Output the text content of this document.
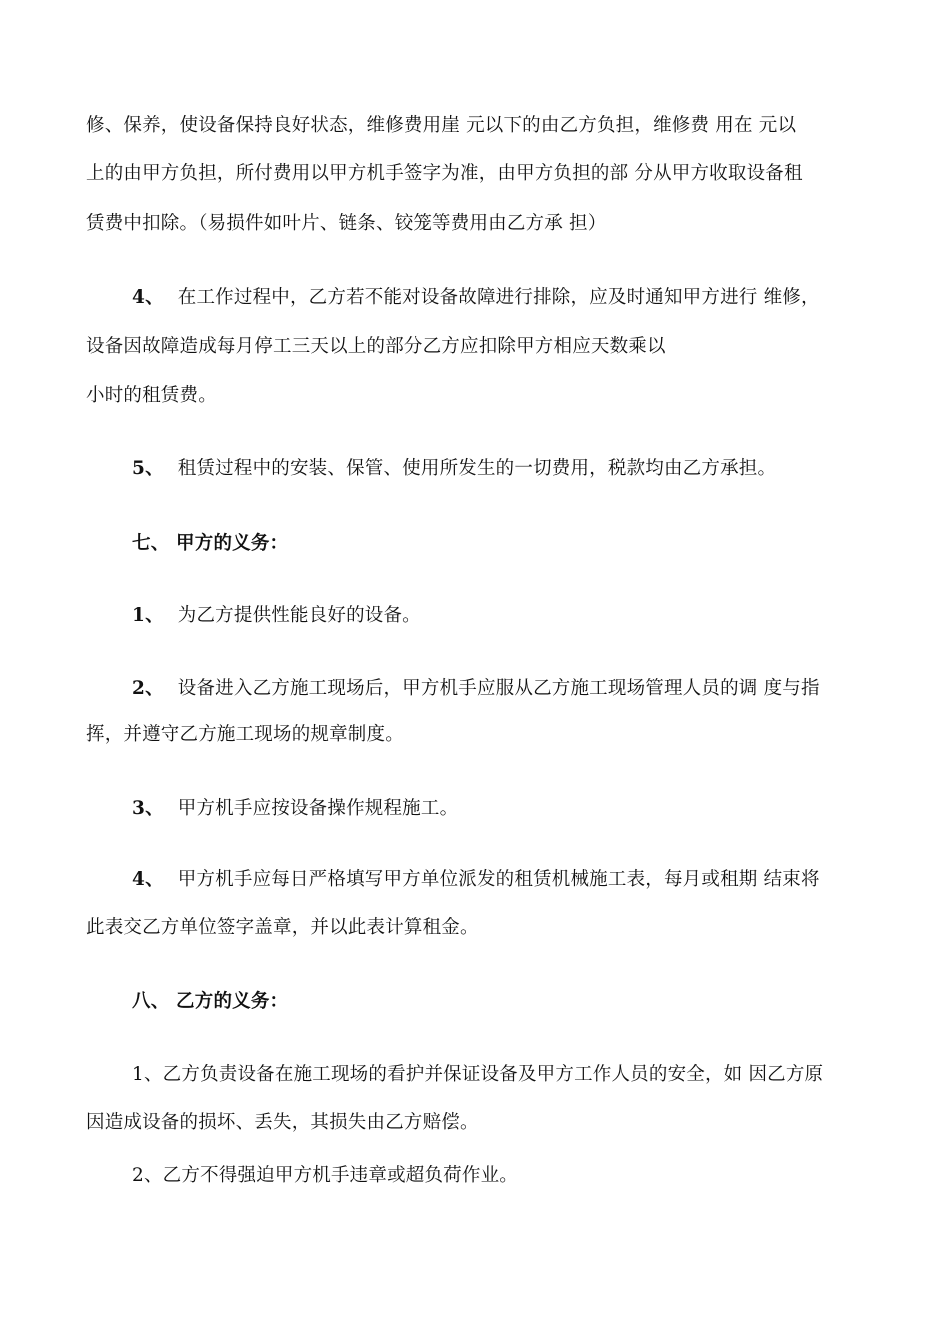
修、保养，使设备保持良好状态，维修费用崖 元以下的由乙方负担，维修费 用在 元以
上的由甲方负担，所付费用以甲方机手签字为准，由甲方负担的部 分从甲方收取设备租
赁费中扣除。（易损件如叶片、链条、铰笼等费用由乙方承 担）
4、 在工作过程中，乙方若不能对设备故障进行排除，应及时通知甲方进行 维修，
设备因故障造成每月停工三天以上的部分乙方应扣除甲方相应天数乘以
小时的租赁费。
5、 租赁过程中的安装、保管、使用所发生的一切费用，税款均由乙方承担。
七、 甲方的义务：
1、 为乙方提供性能良好的设备。
2、 设备进入乙方施工现场后，甲方机手应服从乙方施工现场管理人员的调 度与指
挥，并遵守乙方施工现场的规章制度。
3、 甲方机手应按设备操作规程施工。
4、 甲方机手应每日严格填写甲方单位派发的租赁机械施工表，每月或租期 结束将
此表交乙方单位签字盖章，并以此表计算租金。
八、 乙方的义务：
1、乙方负责设备在施工现场的看护并保证设备及甲方工作人员的安全，如 因乙方原
因造成设备的损坏、丢失，其损失由乙方赔偿。
2、乙方不得强迫甲方机手违章或超负荷作业。
